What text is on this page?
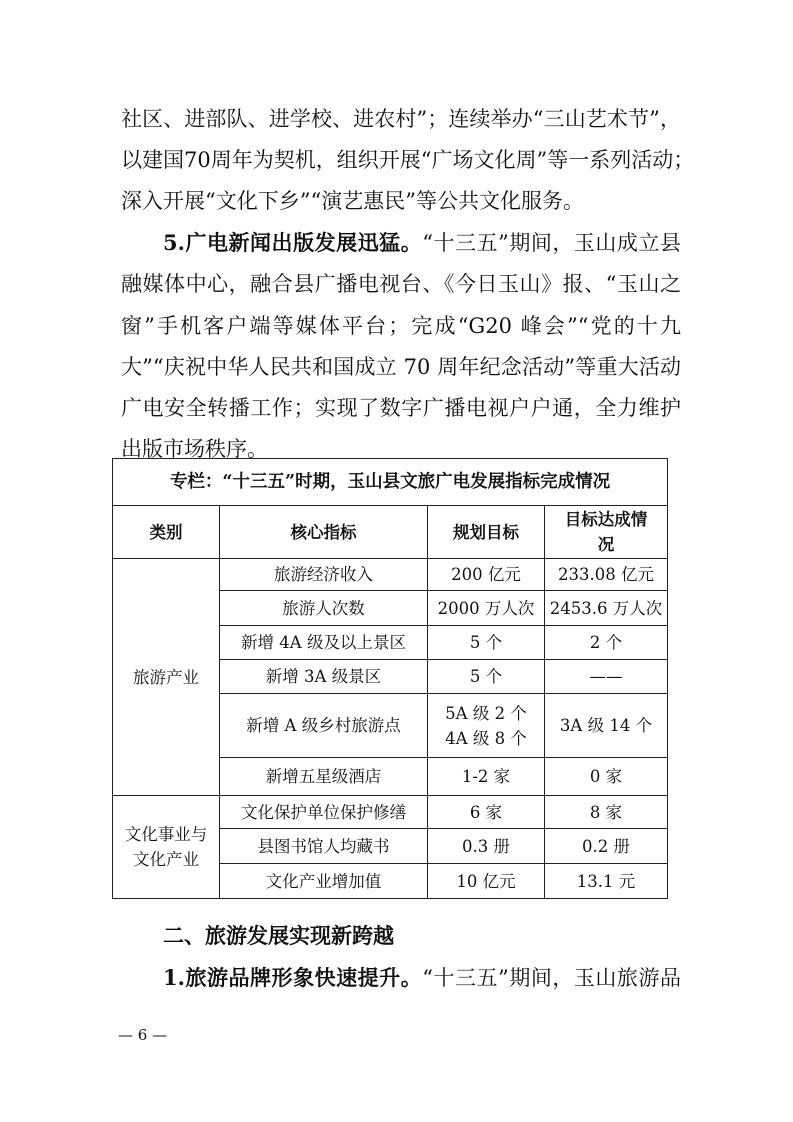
社区、进部队、进学校、进农村”；连续举办“三山艺术节”，
以建国70周年为契机，组织开展“广场文化周”等一系列活动；
深入开展“文化下乡”“演艺惠民”等公共文化服务。
5.广电新闻出版发展迅猛。“十三五”期间，玉山成立县
融媒体中心，融合县广播电视台、《今日玉山》报、“玉山之
窗”手机客户端等媒体平台；完成“G20 峰会”“党的十九
大”“庆祝中华人民共和国成立 70 周年纪念活动”等重大活动
广电安全转播工作；实现了数字广播电视户户通，全力维护
出版市场秩序。
专栏：“十三五”时期，玉山县文旅广电发展指标完成情况			
类别	核心指标	规划目标	目标达成情
况
旅游产业	旅游经济收入	200 亿元	233.08 亿元
	旅游人次数	2000 万人次	2453.6 万人次
	新增 4A 级及以上景区	5 个	2 个
	新增 3A 级景区	5 个	——
	新增 A 级乡村旅游点	5A 级 2 个
4A 级 8 个	3A 级 14 个
	新增五星级酒店	1-2 家	0 家
文化事业与
文化产业	文化保护单位保护修缮	6 家	8 家
	县图书馆人均藏书	0.3 册	0.2 册
	文化产业增加值	10 亿元	13.1 元
二、旅游发展实现新跨越
1.旅游品牌形象快速提升。“十三五”期间，玉山旅游品
— 6 —
